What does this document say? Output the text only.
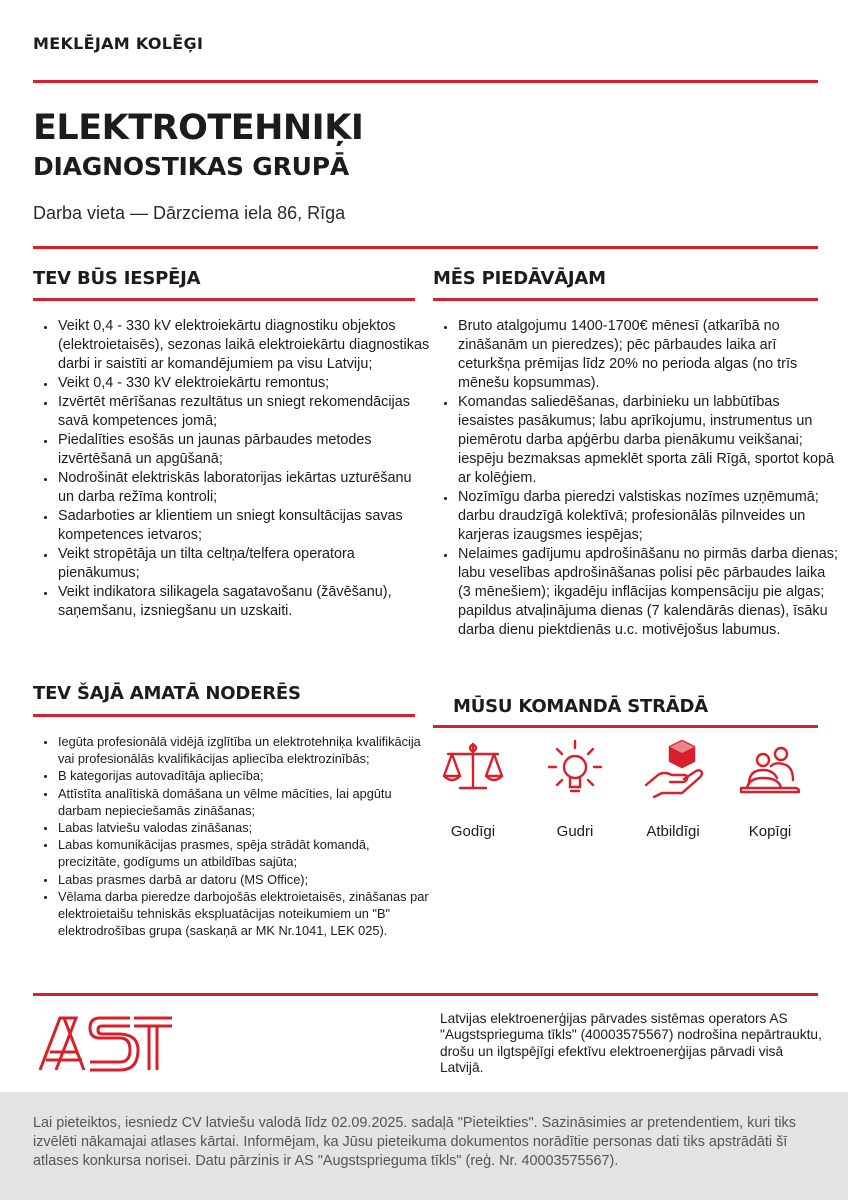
MEKLĒJAM KOLĒĢI
ELEKTROTEHNIĶI
DIAGNOSTIKAS GRUPĀ
Darba vieta — Dārzciema iela 86, Rīga
TEV BŪS IESPĒJA
Veikt 0,4 - 330 kV elektroiekārtu diagnostiku objektos (elektroietaisēs), sezonas laikā elektroiekārtu diagnostikas darbi ir saistīti ar komandējumiem pa visu Latviju;
Veikt 0,4 - 330 kV elektroiekārtu remontus;
Izvērtēt mērīšanas rezultātus un sniegt rekomendācijas savā kompetences jomā;
Piedalīties esošās un jaunas pārbaudes metodes izvērtēšanā un apgūšanā;
Nodrošināt elektriskās laboratorijas iekārtas uzturēšanu un darba režīma kontroli;
Sadarboties ar klientiem un sniegt konsultācijas savas kompetences ietvaros;
Veikt stropētāja un tilta celtņa/telfera operatora pienākumus;
Veikt indikatora silikagela sagatavošanu (žāvēšanu), saņemšanu, izsniegšanu un uzskaiti.
MĒS PIEDĀVĀJAM
Bruto atalgojumu 1400-1700€ mēnesī (atkarībā no zināšanām un pieredzes); pēc pārbaudes laika arī ceturkšņa prēmijas līdz 20% no perioda algas (no trīs mēnešu kopsummas).
Komandas saliedēšanas, darbinieku un labbūtības iesaistes pasākumus; labu aprīkojumu, instrumentus un piemērotu darba apģērbu darba pienākumu veikšanai; iespēju bezmaksas apmeklēt sporta zāli Rīgā, sportot kopā ar kolēģiem.
Nozīmīgu darba pieredzi valstiskas nozīmes uzņēmumā; darbu draudzīgā kolektīvā; profesionālās pilnveides un karjeras izaugsmes iespējas;
Nelaimes gadījumu apdrošināšanu no pirmās darba dienas; labu veselības apdrošināšanas polisi pēc pārbaudes laika (3 mēnešiem); ikgadēju inflācijas kompensāciju pie algas; papildus atvaļinājuma dienas (7 kalendārās dienas), īsāku darba dienu piektdienās u.c. motivējošus labumus.
TEV ŠAJĀ AMATĀ NODERĒS
Iegūta profesionālā vidējā izglītība un elektrotehniķa kvalifikācija vai profesionālās kvalifikācijas apliecība elektrozinībās;
B kategorijas autovadītāja apliecība;
Attīstīta analītiskā domāšana un vēlme mācīties, lai apgūtu darbam nepieciešamās zināšanas;
Labas latviešu valodas zināšanas;
Labas komunikācijas prasmes, spēja strādāt komandā, precizitāte, godīgums un atbildības sajūta;
Labas prasmes darbā ar datoru (MS Office);
Vēlama darba pieredze darbojošās elektroietaisēs, zināšanas par elektroietaišu tehniskās ekspluatācijas noteikumiem un "B" elektrodrošības grupa (saskaņā ar MK Nr.1041, LEK 025).
MŪSU KOMANDĀ STRĀDĀ
Godīgi	Gudri	Atbildīgi	Kopīgi
Latvijas elektroenerģijas pārvades sistēmas operators AS "Augstsprieguma tīkls" (40003575567) nodrošina nepārtrauktu, drošu un ilgtspējīgi efektīvu elektroenerģijas pārvadi visā Latvijā.
Lai pieteiktos, iesniedz CV latviešu valodā līdz 02.09.2025. sadaļā "Pieteikties". Sazināsimies ar pretendentiem, kuri tiks izvēlēti nākamajai atlases kārtai. Informējam, ka Jūsu pieteikuma dokumentos norādītie personas dati tiks apstrādāti šī atlases konkursa norisei. Datu pārzinis ir AS "Augstsprieguma tīkls" (reģ. Nr. 40003575567).
